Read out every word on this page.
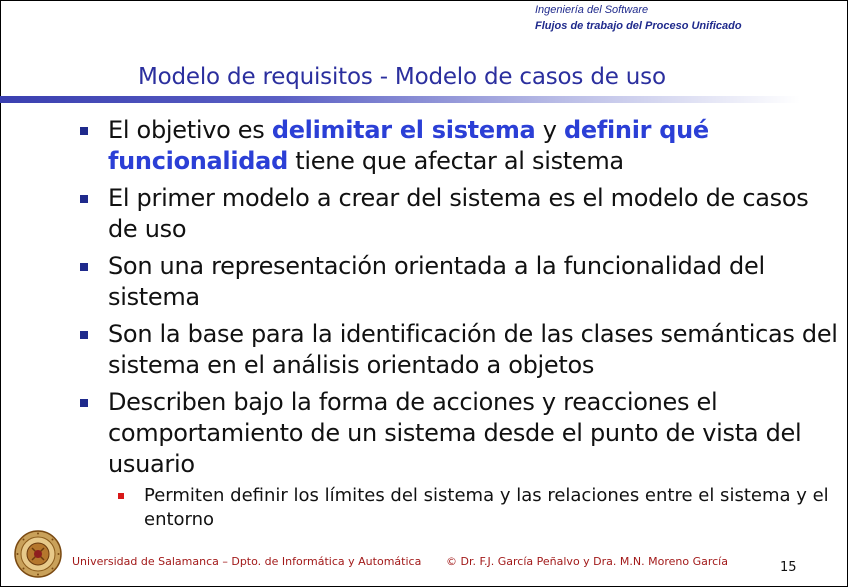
Ingeniería del Software
Flujos de trabajo del Proceso Unificado
Modelo de requisitos - Modelo de casos de uso
El objetivo es delimitar el sistema y definir qué funcionalidad tiene que afectar al sistema
El primer modelo a crear del sistema es el modelo de casos de uso
Son una representación orientada a la funcionalidad del sistema
Son la base para la identificación de las clases semánticas del sistema en el análisis orientado a objetos
Describen bajo la forma de acciones y reacciones el comportamiento de un sistema desde el punto de vista del usuario
Permiten definir los límites del sistema y las relaciones entre el sistema y el entorno
Universidad de Salamanca – Dpto. de Informática y Automática © Dr. F.J. García Peñalvo y Dra. M.N. Moreno García	15
